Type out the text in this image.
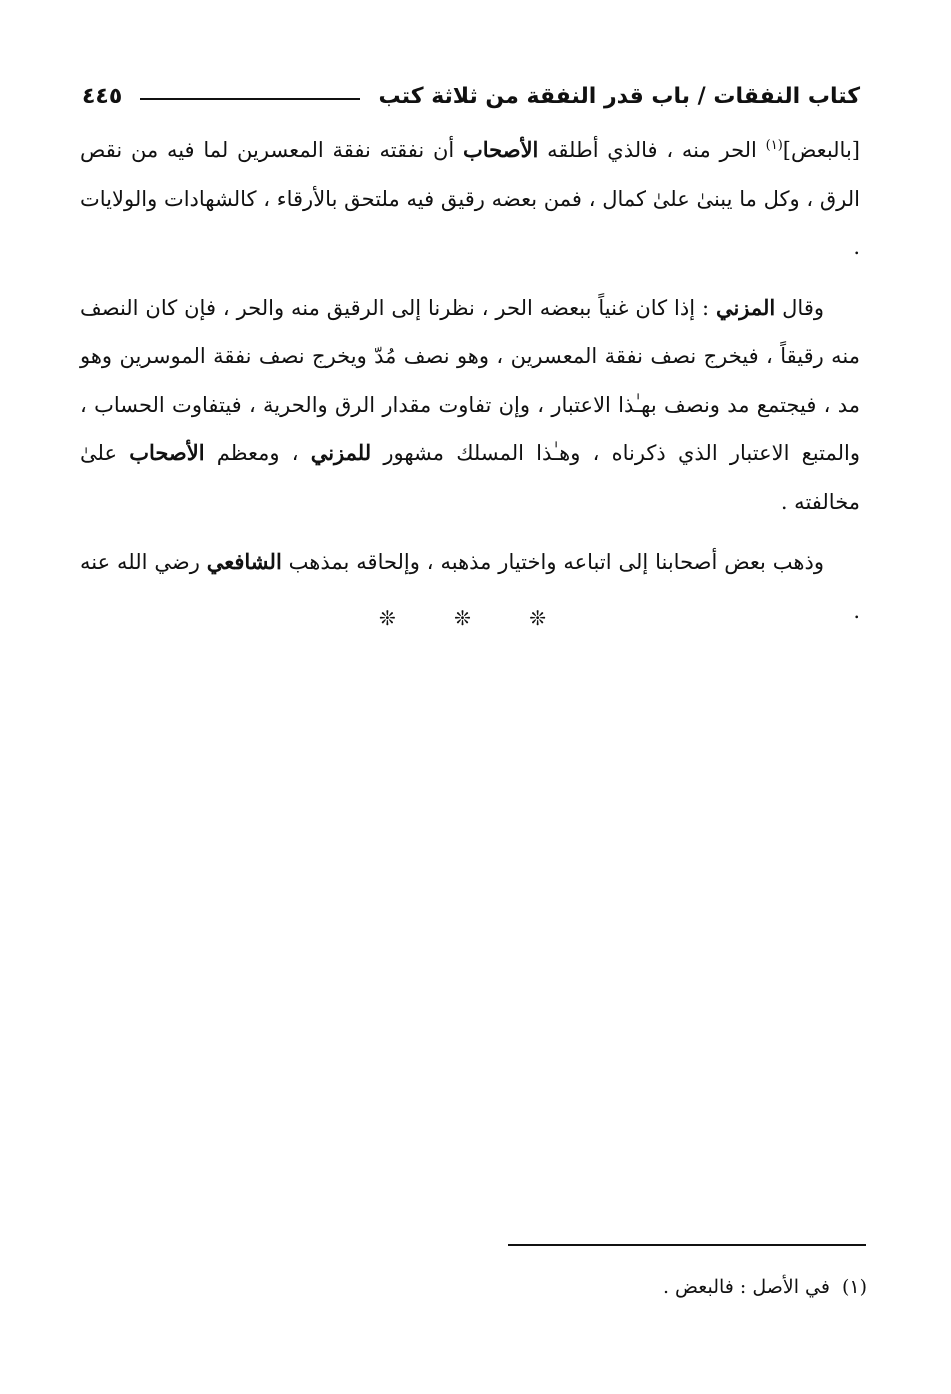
كتاب النفقات / باب قدر النفقة من ثلاثة كتب
٤٤٥

[بالبعض]$^{(١)}$ الحر منه ، فالذي أطلقه الأصحاب أن نفقته نفقة المعسرين لما فيه من نقص الرق ، وكل ما يبنىٰ علىٰ كمال ، فمن بعضه رقيق فيه ملتحق بالأرقاء ، كالشهادات والولايات .

وقال المزني : إذا كان غنياً ببعضه الحر ، نظرنا إلى الرقيق منه والحر ، فإن كان النصف منه رقيقاً ، فيخرج نصف نفقة المعسرين ، وهو نصف مُدّ ويخرج نصف نفقة الموسرين وهو مد ، فيجتمع مد ونصف بهـٰذا الاعتبار ، وإن تفاوت مقدار الرق والحرية ، فيتفاوت الحساب ، والمتبع الاعتبار الذي ذكرناه ، وهـٰذا المسلك مشهور للمزني ، ومعظم الأصحاب علىٰ مخالفته .

وذهب بعض أصحابنا إلى اتباعه واختيار مذهبه ، وإلحاقه بمذهب الشافعي رضي الله عنه .

❊ ❊ ❊
(١)في الأصل : فالبعض .
